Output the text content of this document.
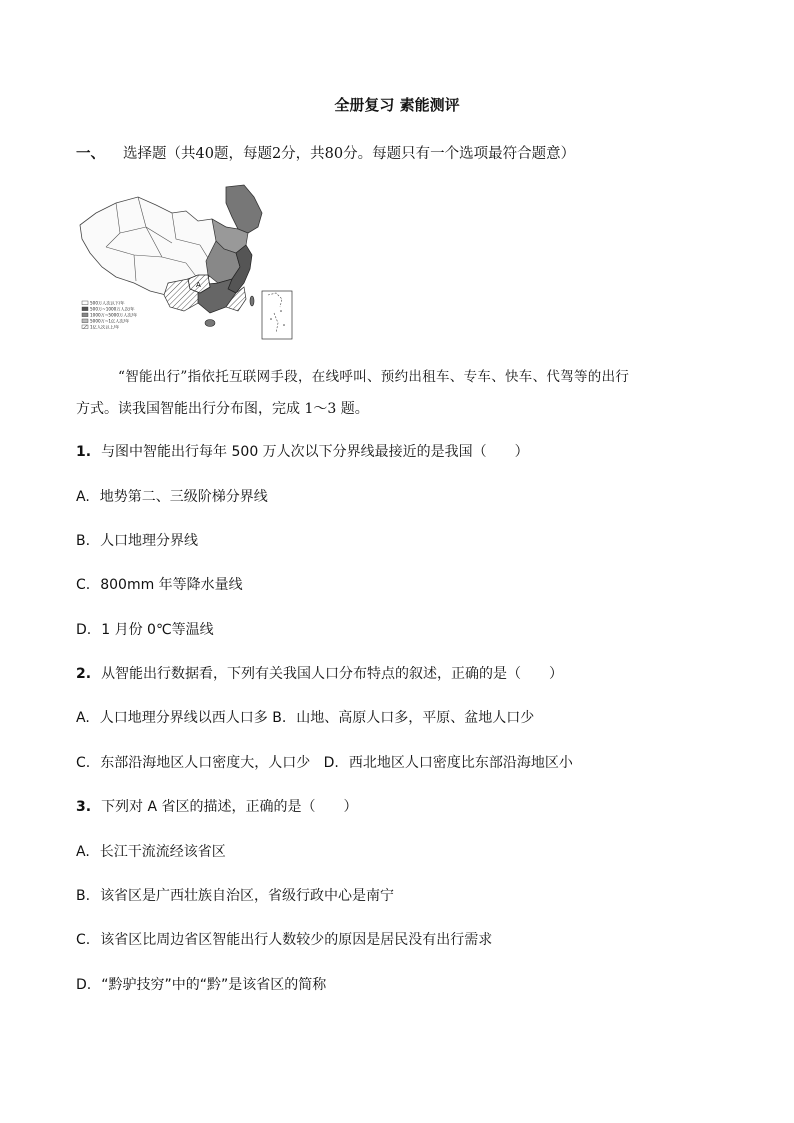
全册复习 素能测评
一、 选择题（共40题，每题2分，共80分。每题只有一个选项最符合题意）
A
500万人次以下/年
500万~1000万人次/年
1000万~5000万人次/年
5000万~1亿人次/年
1亿人次以上/年
“智能出行”指依托互联网手段，在线呼叫、预约出租车、专车、快车、代驾等的出行
方式。读我国智能出行分布图，完成 1～3 题。
1. 与图中智能出行每年 500 万人次以下分界线最接近的是我国（　　）
A. 地势第二、三级阶梯分界线
B. 人口地理分界线
C. 800mm 年等降水量线
D. 1 月份 0℃等温线
2. 从智能出行数据看，下列有关我国人口分布特点的叙述，正确的是（　　）
A. 人口地理分界线以西人口多 B. 山地、高原人口多，平原、盆地人口少
C. 东部沿海地区人口密度大，人口少 D. 西北地区人口密度比东部沿海地区小
3. 下列对 A 省区的描述，正确的是（　　）
A. 长江干流流经该省区
B. 该省区是广西壮族自治区，省级行政中心是南宁
C. 该省区比周边省区智能出行人数较少的原因是居民没有出行需求
D. “黔驴技穷”中的“黔”是该省区的简称
